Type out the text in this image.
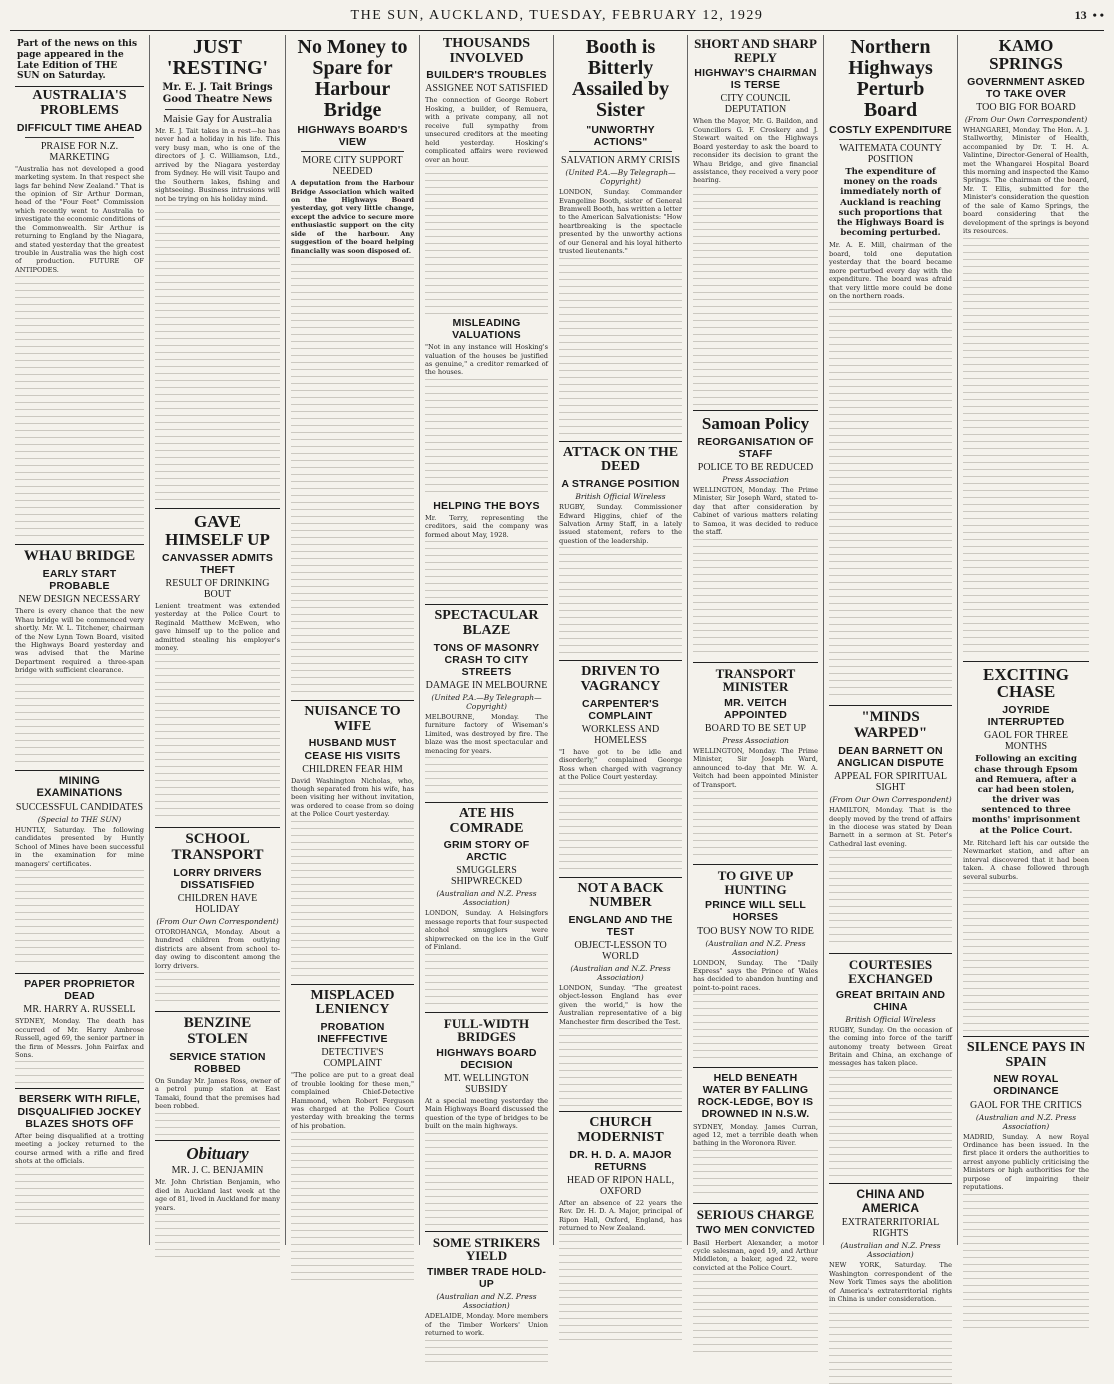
THE SUN, AUCKLAND, TUESDAY, FEBRUARY 12, 1929	13 • •
Part of the news on this page appeared in the Late Edition of THE SUN on Saturday.
AUSTRALIA'S PROBLEMS
DIFFICULT TIME AHEAD
PRAISE FOR N.Z. MARKETING

"Australia has not developed a good marketing system. In that respect she lags far behind New Zealand." That is the opinion of Sir Arthur Dorman, head of the "Four Feet" Commission which recently went to Australia to investigate the economic conditions of the Commonwealth. Sir Arthur is returning to England by the Niagara, and stated yesterday that the greatest trouble in Australia was the high cost of production. FUTURE OF ANTIPODES.

WHAU BRIDGE
EARLY START PROBABLE
NEW DESIGN NECESSARY

There is every chance that the new Whau bridge will be commenced very shortly. Mr. W. L. Titchener, chairman of the New Lynn Town Board, visited the Highways Board yesterday and was advised that the Marine Department required a three-span bridge with sufficient clearance.

MINING EXAMINATIONS
SUCCESSFUL CANDIDATES
(Special to THE SUN)

HUNTLY, Saturday. The following candidates presented by Huntly School of Mines have been successful in the examination for mine managers' certificates.

PAPER PROPRIETOR DEAD
MR. HARRY A. RUSSELL

SYDNEY, Monday. The death has occurred of Mr. Harry Ambrose Russell, aged 69, the senior partner in the firm of Messrs. John Fairfax and Sons.

BERSERK WITH RIFLE, DISQUALIFIED JOCKEY BLAZES SHOTS OFF

After being disqualified at a trotting meeting a jockey returned to the course armed with a rifle and fired shots at the officials.

JUST 'RESTING'
Mr. E. J. Tait Brings Good Theatre News
Maisie Gay for Australia

Mr. E. J. Tait takes in a rest—he has never had a holiday in his life. This very busy man, who is one of the directors of J. C. Williamson, Ltd., arrived by the Niagara yesterday from Sydney. He will visit Taupo and the Southern lakes, fishing and sightseeing. Business intrusions will not be trying on his holiday mind.

GAVE HIMSELF UP
CANVASSER ADMITS THEFT
RESULT OF DRINKING BOUT

Lenient treatment was extended yesterday at the Police Court to Reginald Matthew McEwen, who gave himself up to the police and admitted stealing his employer's money.

SCHOOL TRANSPORT
LORRY DRIVERS DISSATISFIED
CHILDREN HAVE HOLIDAY
(From Our Own Correspondent)

OTOROHANGA, Monday. About a hundred children from outlying districts are absent from school to-day owing to discontent among the lorry drivers.

BENZINE STOLEN
SERVICE STATION ROBBED

On Sunday Mr. James Ross, owner of a petrol pump station at East Tamaki, found that the premises had been robbed.

Obituary
MR. J. C. BENJAMIN

Mr. John Christian Benjamin, who died in Auckland last week at the age of 81, lived in Auckland for many years.

No Money to Spare for Harbour Bridge
HIGHWAYS BOARD'S VIEW
MORE CITY SUPPORT NEEDED

A deputation from the Harbour Bridge Association which waited on the Highways Board yesterday, got very little change, except the advice to secure more enthusiastic support on the city side of the harbour. Any suggestion of the board helping financially was soon disposed of.

NUISANCE TO WIFE
HUSBAND MUST CEASE HIS VISITS
CHILDREN FEAR HIM

David Washington Nicholas, who, though separated from his wife, has been visiting her without invitation, was ordered to cease from so doing at the Police Court yesterday.

MISPLACED LENIENCY
PROBATION INEFFECTIVE
DETECTIVE'S COMPLAINT

"The police are put to a great deal of trouble looking for these men," complained Chief-Detective Hammond, when Robert Ferguson was charged at the Police Court yesterday with breaking the terms of his probation.

THOUSANDS INVOLVED
BUILDER'S TROUBLES
ASSIGNEE NOT SATISFIED

The connection of George Robert Hosking, a builder, of Remuera, with a private company, all not receive full sympathy from unsecured creditors at the meeting held yesterday. Hosking's complicated affairs were reviewed over an hour.

MISLEADING VALUATIONS

"Not in any instance will Hosking's valuation of the houses be justified as genuine," a creditor remarked of the houses.

HELPING THE BOYS

Mr. Terry, representing the creditors, said the company was formed about May, 1928.

SPECTACULAR BLAZE
TONS OF MASONRY CRASH TO CITY STREETS
DAMAGE IN MELBOURNE
(United P.A.—By Telegraph—Copyright)

MELBOURNE, Monday. The furniture factory of Wiseman's Limited, was destroyed by fire. The blaze was the most spectacular and menacing for years.

ATE HIS COMRADE
GRIM STORY OF ARCTIC
SMUGGLERS SHIPWRECKED
(Australian and N.Z. Press Association)

LONDON, Sunday. A Helsingfors message reports that four suspected alcohol smugglers were shipwrecked on the ice in the Gulf of Finland.

FULL-WIDTH BRIDGES
HIGHWAYS BOARD DECISION
MT. WELLINGTON SUBSIDY

At a special meeting yesterday the Main Highways Board discussed the question of the type of bridges to be built on the main highways.

SOME STRIKERS YIELD
TIMBER TRADE HOLD-UP
(Australian and N.Z. Press Association)

ADELAIDE, Monday. More members of the Timber Workers' Union returned to work.

Booth is Bitterly Assailed by Sister
"UNWORTHY ACTIONS"
SALVATION ARMY CRISIS
(United P.A.—By Telegraph—Copyright)

LONDON, Sunday. Commander Evangeline Booth, sister of General Bramwell Booth, has written a letter to the American Salvationists: "How heartbreaking is the spectacle presented by the unworthy actions of our General and his loyal hitherto trusted lieutenants."

ATTACK ON THE DEED
A STRANGE POSITION
British Official Wireless

RUGBY, Sunday. Commissioner Edward Higgins, chief of the Salvation Army Staff, in a lately issued statement, refers to the question of the leadership.

DRIVEN TO VAGRANCY
CARPENTER'S COMPLAINT
WORKLESS AND HOMELESS

"I have got to be idle and disorderly," complained George Ross when charged with vagrancy at the Police Court yesterday.

NOT A BACK NUMBER
ENGLAND AND THE TEST
OBJECT-LESSON TO WORLD
(Australian and N.Z. Press Association)

LONDON, Sunday. "The greatest object-lesson England has ever given the world," is how the Australian representative of a big Manchester firm described the Test.

CHURCH MODERNIST
DR. H. D. A. MAJOR RETURNS
HEAD OF RIPON HALL, OXFORD

After an absence of 22 years the Rev. Dr. H. D. A. Major, principal of Ripon Hall, Oxford, England, has returned to New Zealand.

SHORT AND SHARP REPLY
HIGHWAY'S CHAIRMAN IS TERSE
CITY COUNCIL DEPUTATION

When the Mayor, Mr. G. Baildon, and Councillors G. F. Croskery and J. Stewart waited on the Highways Board yesterday to ask the board to reconsider its decision to grant the Whau Bridge, and give financial assistance, they received a very poor hearing.

Samoan Policy
REORGANISATION OF STAFF
POLICE TO BE REDUCED
Press Association

WELLINGTON, Monday. The Prime Minister, Sir Joseph Ward, stated to-day that after consideration by Cabinet of various matters relating to Samoa, it was decided to reduce the staff.

TRANSPORT MINISTER
MR. VEITCH APPOINTED
BOARD TO BE SET UP
Press Association

WELLINGTON, Monday. The Prime Minister, Sir Joseph Ward, announced to-day that Mr. W. A. Veitch had been appointed Minister of Transport.

TO GIVE UP HUNTING
PRINCE WILL SELL HORSES
TOO BUSY NOW TO RIDE
(Australian and N.Z. Press Association)

LONDON, Sunday. The "Daily Express" says the Prince of Wales has decided to abandon hunting and point-to-point races.

HELD BENEATH WATER BY FALLING ROCK-LEDGE, BOY IS DROWNED IN N.S.W.

SYDNEY, Monday. James Curran, aged 12, met a terrible death when bathing in the Woronora River.

SERIOUS CHARGE
TWO MEN CONVICTED

Basil Herbert Alexander, a motor cycle salesman, aged 19, and Arthur Middleton, a baker, aged 22, were convicted at the Police Court.

Northern Highways Perturb Board
COSTLY EXPENDITURE
WAITEMATA COUNTY POSITION
The expenditure of money on the roads immediately north of Auckland is reaching such proportions that the Highways Board is becoming perturbed.

Mr. A. E. Mill, chairman of the board, told one deputation yesterday that the board became more perturbed every day with the expenditure. The board was afraid that very little more could be done on the northern roads.

"MINDS WARPED"
DEAN BARNETT ON ANGLICAN DISPUTE
APPEAL FOR SPIRITUAL SIGHT
(From Our Own Correspondent)

HAMILTON, Monday. That is the deeply moved by the trend of affairs in the diocese was stated by Dean Barnett in a sermon at St. Peter's Cathedral last evening.

COURTESIES EXCHANGED
GREAT BRITAIN AND CHINA
British Official Wireless

RUGBY, Sunday. On the occasion of the coming into force of the tariff autonomy treaty between Great Britain and China, an exchange of messages has taken place.

CHINA AND AMERICA
EXTRATERRITORIAL RIGHTS
(Australian and N.Z. Press Association)

NEW YORK, Saturday. The Washington correspondent of the New York Times says the abolition of America's extraterritorial rights in China is under consideration.

KAMO SPRINGS
GOVERNMENT ASKED TO TAKE OVER
TOO BIG FOR BOARD
(From Our Own Correspondent)

WHANGAREI, Monday. The Hon. A. J. Stallworthy, Minister of Health, accompanied by Dr. T. H. A. Valintine, Director-General of Health, met the Whangarei Hospital Board this morning and inspected the Kamo Springs. The chairman of the board, Mr. T. Ellis, submitted for the Minister's consideration the question of the sale of Kamo Springs, the board considering that the development of the springs is beyond its resources.

EXCITING CHASE
JOYRIDE INTERRUPTED
GAOL FOR THREE MONTHS
Following an exciting chase through Epsom and Remuera, after a car had been stolen, the driver was sentenced to three months' imprisonment at the Police Court.

Mr. Ritchard left his car outside the Newmarket station, and after an interval discovered that it had been taken. A chase followed through several suburbs.

SILENCE PAYS IN SPAIN
NEW ROYAL ORDINANCE
GAOL FOR THE CRITICS
(Australian and N.Z. Press Association)

MADRID, Sunday. A new Royal Ordinance has been issued. In the first place it orders the authorities to arrest anyone publicly criticising the Ministers or high authorities for the purpose of impairing their reputations.
